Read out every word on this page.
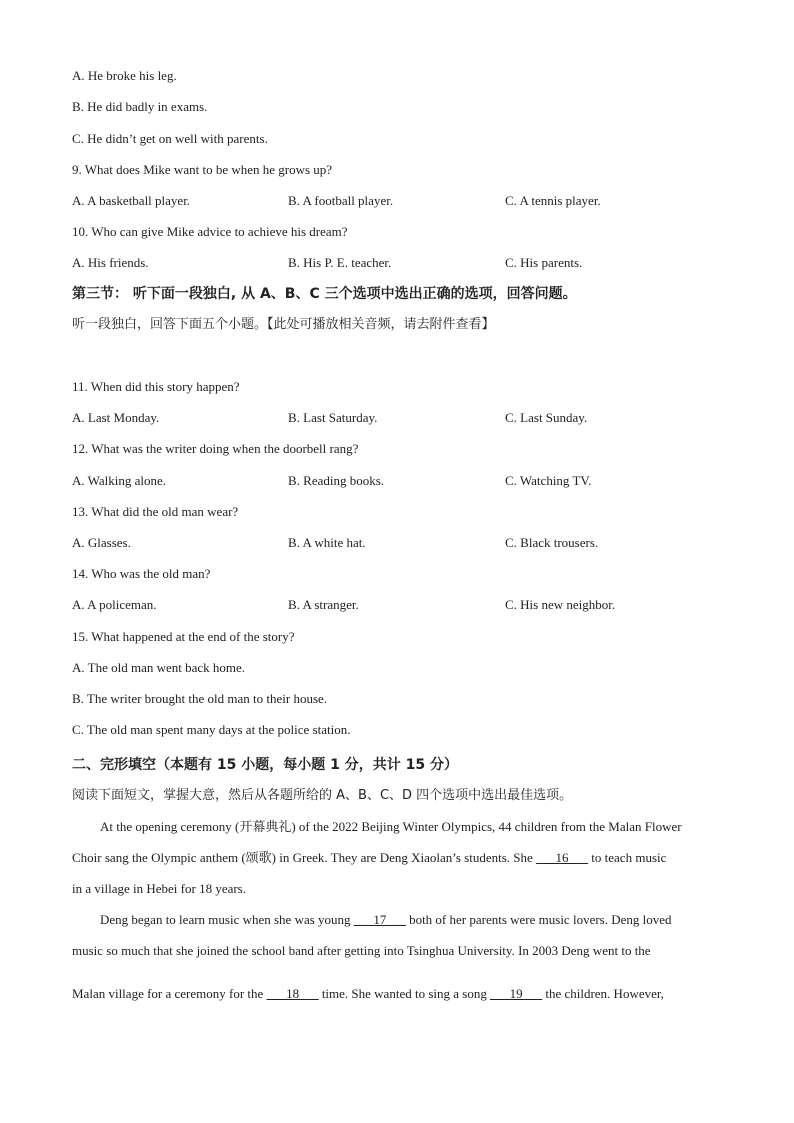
A. He broke his leg.
B. He did badly in exams.
C. He didn’t get on well with parents.
9. What does Mike want to be when he grows up?
A. A basketball player.	B. A football player.	C. A tennis player.
10. Who can give Mike advice to achieve his dream?
A. His friends.	B. His P. E. teacher.	C. His parents.
第三节： 听下面一段独白, 从 A、B、C 三个选项中选出正确的选项，回答问题。
听一段独白，回答下面五个小题。【此处可播放相关音频，请去附件查看】
11. When did this story happen?
A. Last Monday.	B. Last Saturday.	C. Last Sunday.
12. What was the writer doing when the doorbell rang?
A. Walking alone.	B. Reading books.	C. Watching TV.
13. What did the old man wear?
A. Glasses.	B. A white hat.	C. Black trousers.
14. Who was the old man?
A. A policeman.	B. A stranger.	C. His new neighbor.
15. What happened at the end of the story?
A. The old man went back home.
B. The writer brought the old man to their house.
C. The old man spent many days at the police station.
二、完形填空（本题有 15 小题，每小题 1 分，共计 15 分）
阅读下面短文，掌握大意，然后从各题所给的 A、B、C、D 四个选项中选出最佳选项。
At the opening ceremony (开幕典礼) of the 2022 Beijing Winter Olympics, 44 children from the Malan Flower
Choir sang the Olympic anthem (颂歌) in Greek. They are Deng Xiaolan’s students. She ___16___ to teach music
in a village in Hebei for 18 years.
Deng began to learn music when she was young ___17___ both of her parents were music lovers. Deng loved
music so much that she joined the school band after getting into Tsinghua University. In 2003 Deng went to the
Malan village for a ceremony for the ___18___ time. She wanted to sing a song ___19___ the children. However,
